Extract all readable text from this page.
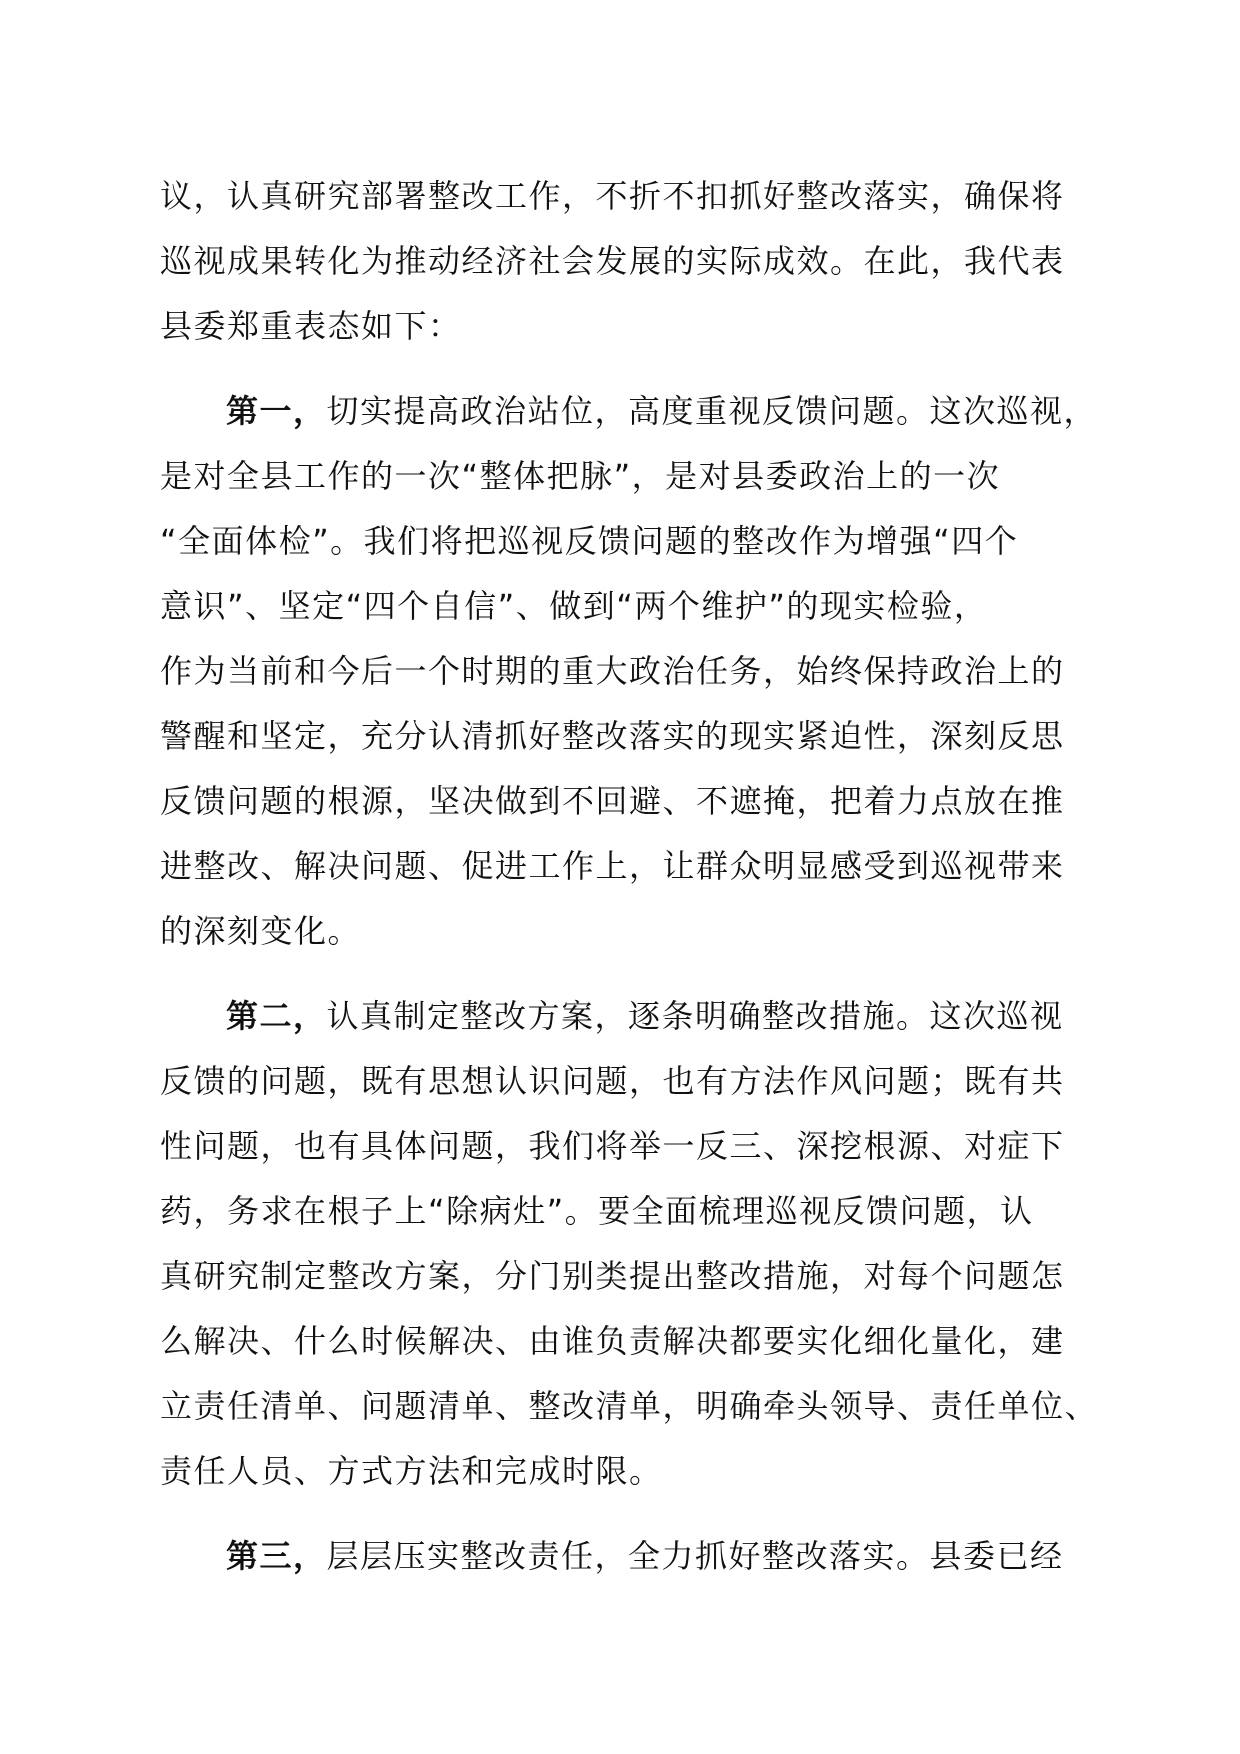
议，认真研究部署整改工作，不折不扣抓好整改落实，确保将
巡视成果转化为推动经济社会发展的实际成效。在此，我代表
县委郑重表态如下：
第一，切实提高政治站位，高度重视反馈问题。这次巡视，
是对全县工作的一次“整体把脉”，是对县委政治上的一次
“全面体检”。我们将把巡视反馈问题的整改作为增强“四个
意识”、坚定“四个自信”、做到“两个维护”的现实检验，
作为当前和今后一个时期的重大政治任务，始终保持政治上的
警醒和坚定，充分认清抓好整改落实的现实紧迫性，深刻反思
反馈问题的根源，坚决做到不回避、不遮掩，把着力点放在推
进整改、解决问题、促进工作上，让群众明显感受到巡视带来
的深刻变化。
第二，认真制定整改方案，逐条明确整改措施。这次巡视
反馈的问题，既有思想认识问题，也有方法作风问题；既有共
性问题，也有具体问题，我们将举一反三、深挖根源、对症下
药，务求在根子上“除病灶”。要全面梳理巡视反馈问题，认
真研究制定整改方案，分门别类提出整改措施，对每个问题怎
么解决、什么时候解决、由谁负责解决都要实化细化量化，建
立责任清单、问题清单、整改清单，明确牵头领导、责任单位、
责任人员、方式方法和完成时限。
第三，层层压实整改责任，全力抓好整改落实。县委已经
